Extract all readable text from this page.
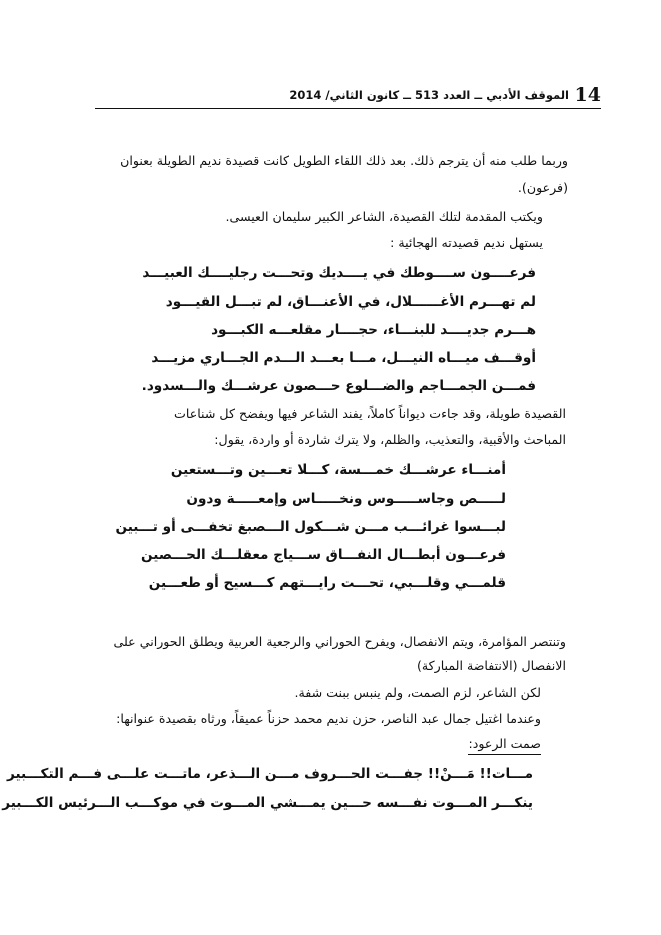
14
الموقف الأدبي ــ العدد 513 ــ كانون الثاني/ 2014
وربما طلب منه أن يترجم ذلك. بعد ذلك اللقاء الطويل كانت قصيدة نديم الطويلة بعنوان
(فرعون).
ويكتب المقدمة لتلك القصيدة، الشاعر الكبير سليمان العيسى.
يستهل نديم قصيدته الهجائية :
فرعــــون ســــوطك في يــــديك وتحـــت رجليــــك العبيـــد
لم تهـــرم الأغــــــلال، في الأعنـــاق، لم تبـــل القيـــود
هـــرم جديــــد للبنـــاء، حجــــار مقلعـــه الكبـــود
أوقـــف ميـــاه النيـــل، مـــا بعـــد الـــدم الجـــاري مزيـــد
فمـــن الجمـــاجم والضـــلوع حـــصون عرشـــك والـــسدود.
القصيدة طويلة، وقد جاءت ديواناً كاملاً، يفند الشاعر فيها ويفضح كل شناعات
المباحث والأقبية، والتعذيب، والظلم، ولا يترك شاردة أو واردة، يقول:
أمنـــاء عرشـــك خمـــسة، كـــلا تعـــين وتـــستعين
لـــــص وجاســـــوس ونخـــــاس وإمعـــــة ودون
لبـــسوا غرائـــب مـــن شـــكول الـــصبغ تخفـــى أو تـــبين
فرعـــون أبطـــال النفـــاق ســـياج معقلـــك الحـــصين
قلمـــي وقلـــبي، تحـــت رايـــتهم كـــسيح أو طعـــين
وتنتصر المؤامرة، ويتم الانفصال، ويفرح الحوراني والرجعية العربية ويطلق الحوراني على
الانفصال (الانتفاضة المباركة)
لكن الشاعر، لزم الصمت، ولم ينبس ببنت شفة.
وعندما اغتيل جمال عبد الناصر، حزن نديم محمد حزناً عميقاً، ورثاه بقصيدة عنوانها:
صمت الرعود:
مـــات!! مَـــنْ!! جفـــت الحـــروف مـــن الـــذعر، ماتـــت علـــى فـــم التكـــبير
ينكـــر المـــوت نفـــسه حـــين يمـــشي المـــوت في موكـــب الـــرئيس الكـــبير
